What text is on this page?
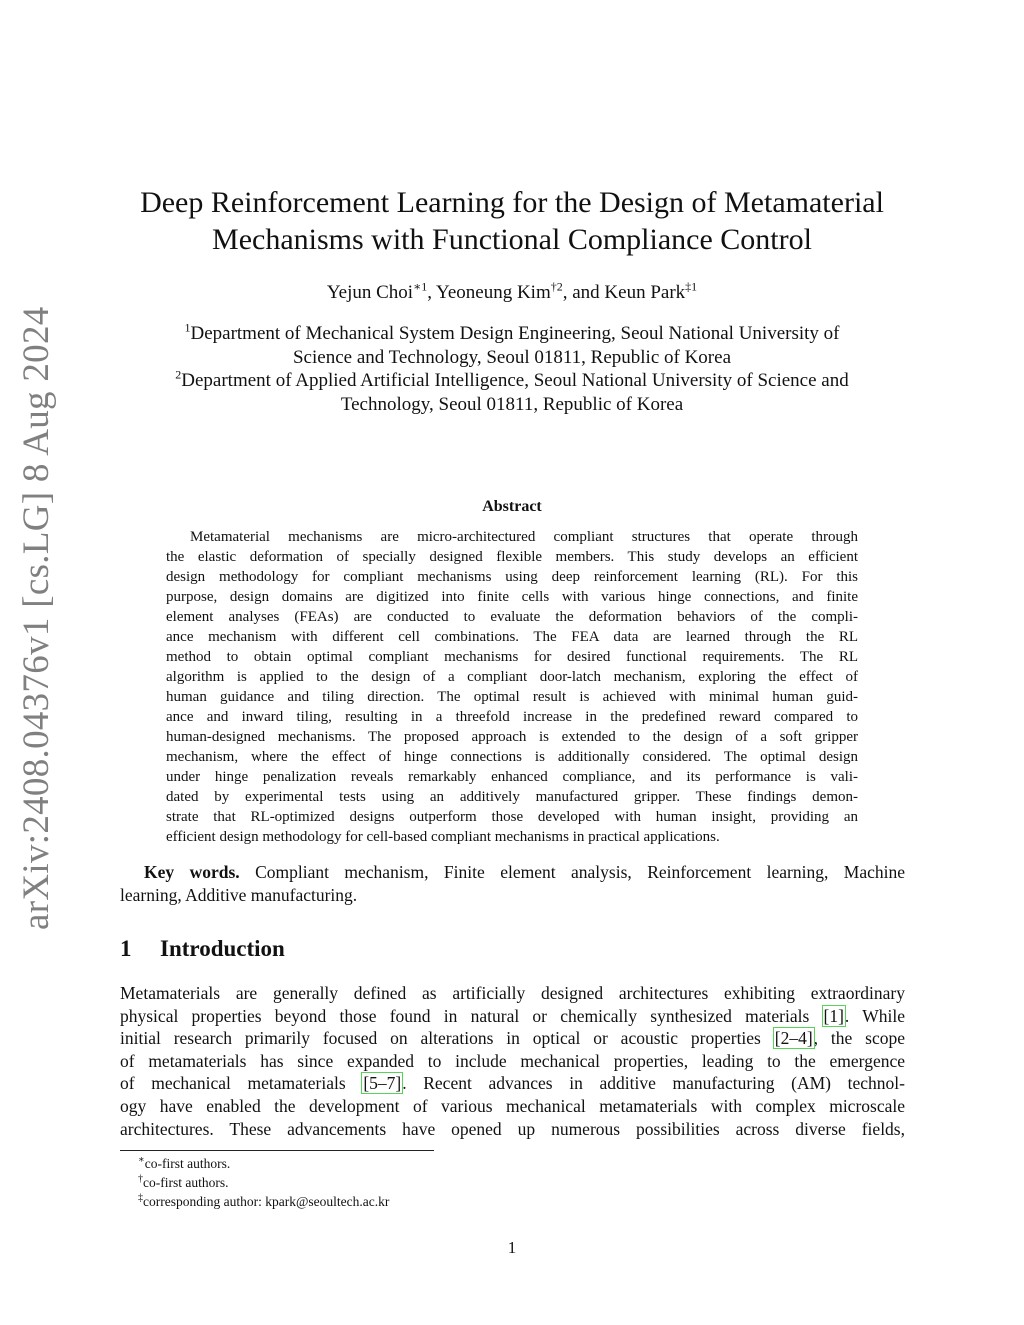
arXiv:2408.04376v1 [cs.LG] 8 Aug 2024
Deep Reinforcement Learning for the Design of Metamaterial
Mechanisms with Functional Compliance Control
Yejun Choi$^{∗1}$, Yeoneung Kim$^{\dagger 2}$, and Keun Park$^{\ddagger 1}$
$^1$Department of Mechanical System Design Engineering, Seoul National University of
Science and Technology, Seoul 01811, Republic of Korea
$^2$Department of Applied Artificial Intelligence, Seoul National University of Science and
Technology, Seoul 01811, Republic of Korea
Abstract
Metamaterial mechanisms are micro-architectured compliant structures that operate through
the elastic deformation of specially designed flexible members. This study develops an efficient
design methodology for compliant mechanisms using deep reinforcement learning (RL). For this
purpose, design domains are digitized into finite cells with various hinge connections, and finite
element analyses (FEAs) are conducted to evaluate the deformation behaviors of the compli-
ance mechanism with different cell combinations. The FEA data are learned through the RL
method to obtain optimal compliant mechanisms for desired functional requirements. The RL
algorithm is applied to the design of a compliant door-latch mechanism, exploring the effect of
human guidance and tiling direction. The optimal result is achieved with minimal human guid-
ance and inward tiling, resulting in a threefold increase in the predefined reward compared to
human-designed mechanisms. The proposed approach is extended to the design of a soft gripper
mechanism, where the effect of hinge connections is additionally considered. The optimal design
under hinge penalization reveals remarkably enhanced compliance, and its performance is vali-
dated by experimental tests using an additively manufactured gripper. These findings demon-
strate that RL-optimized designs outperform those developed with human insight, providing an
efficient design methodology for cell-based compliant mechanisms in practical applications.
Key words. Compliant mechanism, Finite element analysis, Reinforcement learning, Machine
learning, Additive manufacturing.
1 Introduction
Metamaterials are generally defined as artificially designed architectures exhibiting extraordinary
physical properties beyond those found in natural or chemically synthesized materials [1]. While
initial research primarily focused on alterations in optical or acoustic properties [2–4], the scope
of metamaterials has since expanded to include mechanical properties, leading to the emergence
of mechanical metamaterials [5–7]. Recent advances in additive manufacturing (AM) technol-
ogy have enabled the development of various mechanical metamaterials with complex microscale
architectures. These advancements have opened up numerous possibilities across diverse fields,
∗co-first authors.
†co-first authors.
‡corresponding author: kpark@seoultech.ac.kr
1
